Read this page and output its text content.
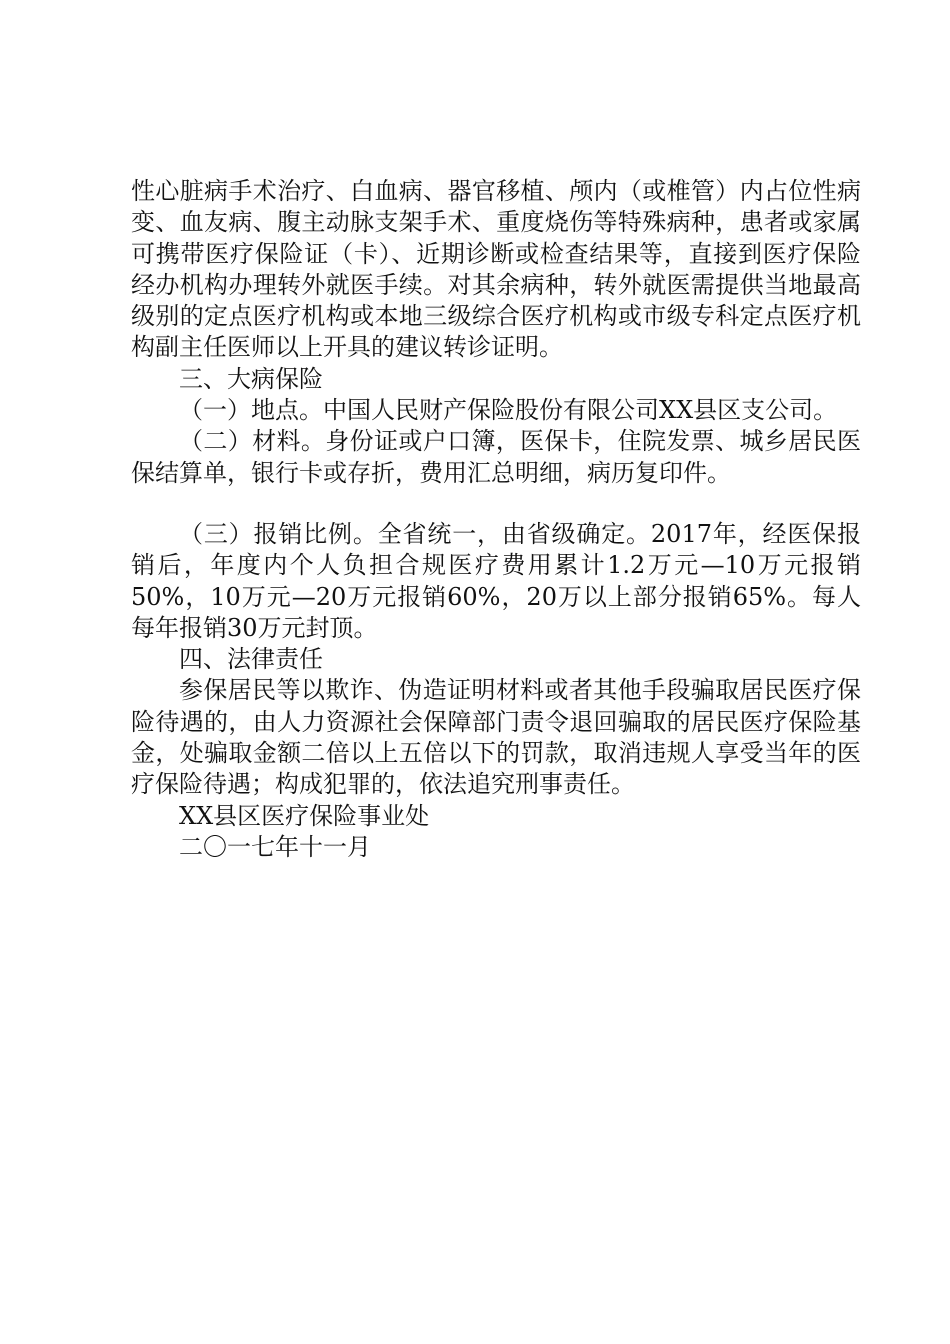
性心脏病手术治疗、白血病、器官移植、颅内（或椎管）内占位性病变、血友病、腹主动脉支架手术、重度烧伤等特殊病种，患者或家属可携带医疗保险证（卡）、近期诊断或检查结果等，直接到医疗保险经办机构办理转外就医手续。对其余病种，转外就医需提供当地最高级别的定点医疗机构或本地三级综合医疗机构或市级专科定点医疗机构副主任医师以上开具的建议转诊证明。

三、大病保险

（一）地点。中国人民财产保险股份有限公司XX县区支公司。

（二）材料。身份证或户口簿，医保卡，住院发票、城乡居民医保结算单，银行卡或存折，费用汇总明细，病历复印件。

（三）报销比例。全省统一，由省级确定。2017年，经医保报销后，年度内个人负担合规医疗费用累计1.2万元—10万元报销50%，10万元—20万元报销60%，20万以上部分报销65%。每人每年报销30万元封顶。

四、法律责任

参保居民等以欺诈、伪造证明材料或者其他手段骗取居民医疗保险待遇的，由人力资源社会保障部门责令退回骗取的居民医疗保险基金，处骗取金额二倍以上五倍以下的罚款，取消违规人享受当年的医疗保险待遇；构成犯罪的，依法追究刑事责任。

XX县区医疗保险事业处

二〇一七年十一月
